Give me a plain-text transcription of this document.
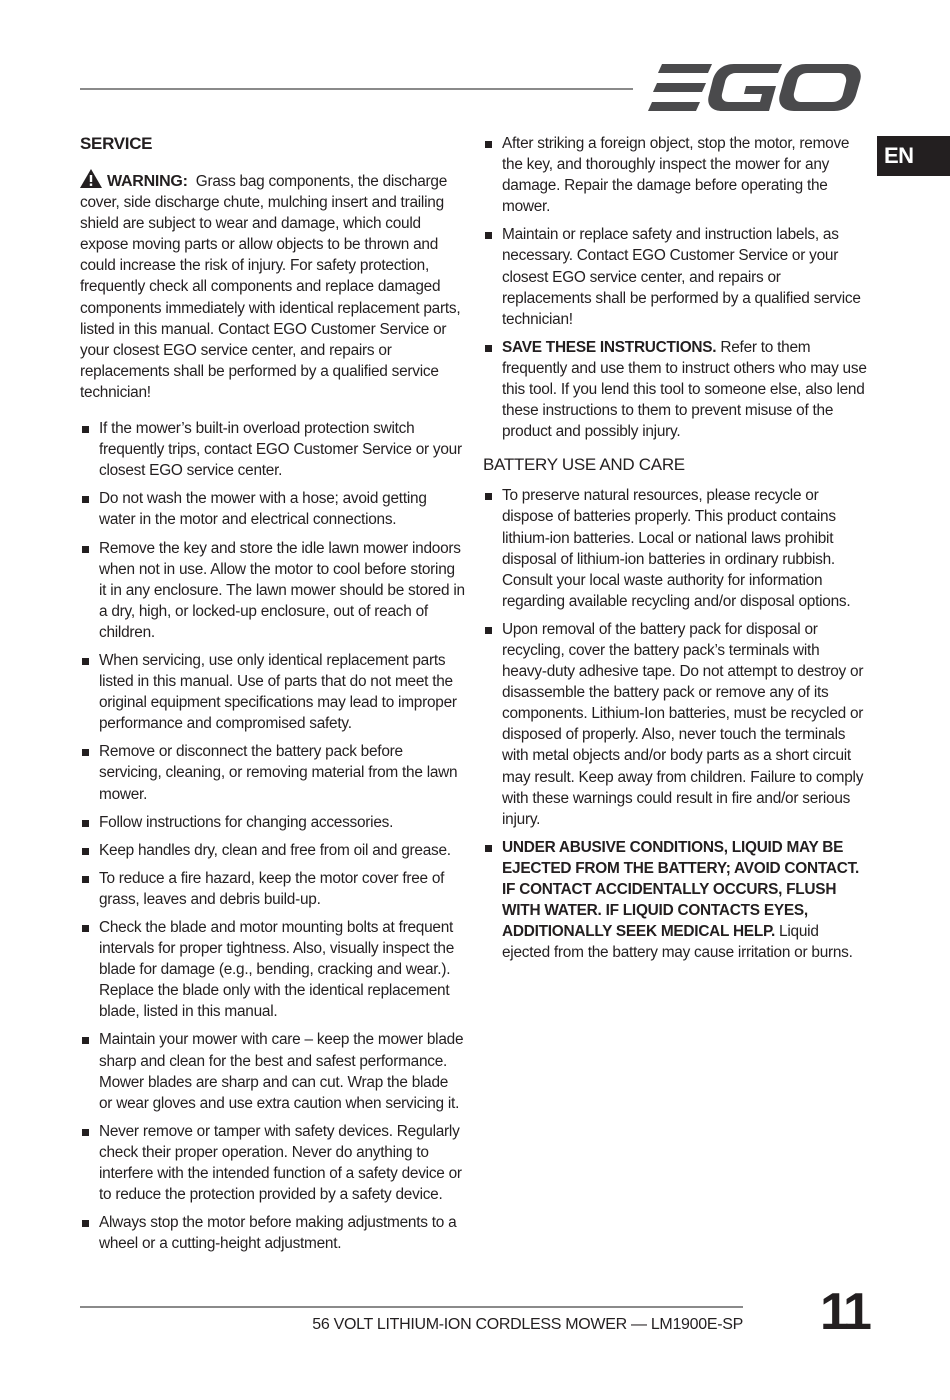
EN
SERVICE

WARNING: Grass bag components, the discharge cover, side discharge chute, mulching insert and trailing shield are subject to wear and damage, which could expose moving parts or allow objects to be thrown and could increase the risk of injury. For safety protection, frequently check all components and replace damaged components immediately with identical replacement parts, listed in this manual. Contact EGO Customer Service or your closest EGO service center, and repairs or replacements shall be performed by a qualified service technician!

If the mower’s built-in overload protection switch frequently trips, contact EGO Customer Service or your closest EGO service center.
Do not wash the mower with a hose; avoid getting water in the motor and electrical connections.
Remove the key and store the idle lawn mower indoors when not in use. Allow the motor to cool before storing it in any enclosure. The lawn mower should be stored in a dry, high, or locked-up enclosure, out of reach of children.
When servicing, use only identical replacement parts listed in this manual. Use of parts that do not meet the original equipment specifications may lead to improper performance and compromised safety.
Remove or disconnect the battery pack before servicing, cleaning, or removing material from the lawn mower.
Follow instructions for changing accessories.
Keep handles dry, clean and free from oil and grease.
To reduce a fire hazard, keep the motor cover free of grass, leaves and debris build-up.
Check the blade and motor mounting bolts at frequent intervals for proper tightness. Also, visually inspect the blade for damage (e.g., bending, cracking and wear.). Replace the blade only with the identical replacement blade, listed in this manual.
Maintain your mower with care – keep the mower blade sharp and clean for the best and safest performance. Mower blades are sharp and can cut. Wrap the blade or wear gloves and use extra caution when servicing it.
Never remove or tamper with safety devices. Regularly check their proper operation. Never do anything to interfere with the intended function of a safety device or to reduce the protection provided by a safety device.
Always stop the motor before making adjustments to a wheel or a cutting-height adjustment.
After striking a foreign object, stop the motor, remove the key, and thoroughly inspect the mower for any damage. Repair the damage before operating the mower.
Maintain or replace safety and instruction labels, as necessary. Contact EGO Customer Service or your closest EGO service center, and repairs or replacements shall be performed by a qualified service technician!
SAVE THESE INSTRUCTIONS. Refer to them frequently and use them to instruct others who may use this tool. If you lend this tool to someone else, also lend these instructions to them to prevent misuse of the product and possibly injury.
BATTERY USE AND CARE
To preserve natural resources, please recycle or dispose of batteries properly. This product contains lithium-ion batteries. Local or national laws prohibit disposal of lithium-ion batteries in ordinary rubbish. Consult your local waste authority for information regarding available recycling and/or disposal options.
Upon removal of the battery pack for disposal or recycling, cover the battery pack’s terminals with heavy-duty adhesive tape. Do not attempt to destroy or disassemble the battery pack or remove any of its components. Lithium-Ion batteries, must be recycled or disposed of properly. Also, never touch the terminals with metal objects and/or body parts as a short circuit may result. Keep away from children. Failure to comply with these warnings could result in fire and/or serious injury.
UNDER ABUSIVE CONDITIONS, LIQUID MAY BE EJECTED FROM THE BATTERY; AVOID CONTACT. IF CONTACT ACCIDENTALLY OCCURS, FLUSH WITH WATER. IF LIQUID CONTACTS EYES, ADDITIONALLY SEEK MEDICAL HELP. Liquid ejected from the battery may cause irritation or burns.
56 VOLT LITHIUM-ION CORDLESS MOWER — LM1900E-SP 11
